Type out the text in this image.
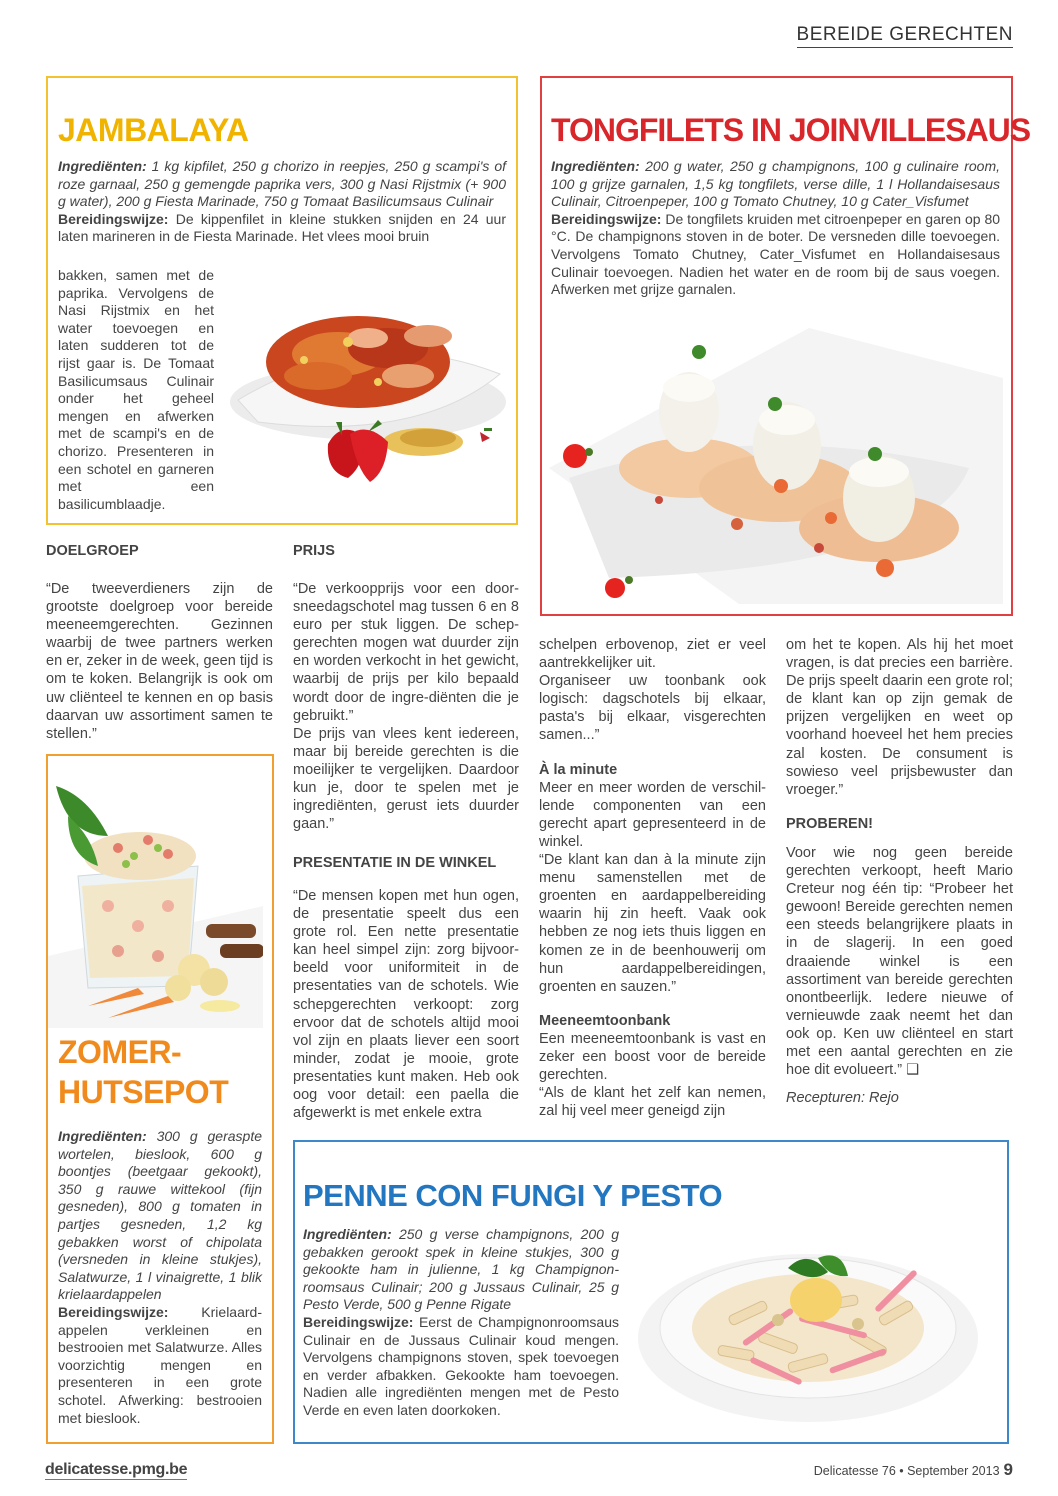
BEREIDE GERECHTEN
JAMBALAYA
Ingrediënten: 1 kg kipfilet, 250 g chorizo in reepjes, 250 g scampi's of roze garnaal, 250 g gemengde paprika vers, 300 g Nasi Rijstmix (+ 900 g water), 200 g Fiesta Marinade, 750 g Tomaat Basilicumsaus Culinair
Bereidingswijze: De kippenfilet in kleine stukken snijden en 24 uur laten marineren in de Fiesta Marinade. Het vlees mooi bruin
bakken, samen met de paprika. Vervolgens de Nasi Rijstmix en het water toevoegen en laten sudderen tot de rijst gaar is. De Tomaat Basilicumsaus Culinair onder het geheel mengen en afwerken met de scampi's en de chorizo. Presenteren in een schotel en garneren met een basilicumblaadje.
TONGFILETS IN JOINVILLESAUS
Ingrediënten: 200 g water, 250 g champignons, 100 g culinaire room, 100 g grijze garnalen, 1,5 kg tongfilets, verse dille, 1 l Hollandaisesaus Culinair, Citroenpeper, 100 g Tomato Chutney, 10 g Cater_Visfumet
Bereidingswijze: De tongfilets kruiden met citroenpeper en garen op 80 °C. De champignons stoven in de boter. De versneden dille toevoegen. Vervolgens Tomato Chutney, Cater_Visfumet en Hollandaisesaus Culinair toevoegen. Nadien het water en de room bij de saus voegen. Afwerken met grijze garnalen.
DOELGROEP
“De tweeverdieners zijn de grootste doelgroep voor bereide meeneemgerechten. Gezinnen waarbij de twee partners werken en er, zeker in de week, geen tijd is om te koken. Belangrijk is ook om uw cliënteel te kennen en op basis daarvan uw assortiment samen te stellen.”
PRIJS
“De verkoopprijs voor een door-sneedagschotel mag tussen 6 en 8 euro per stuk liggen. De schep-gerechten mogen wat duurder zijn en worden verkocht in het gewicht, waarbij de prijs per kilo bepaald wordt door de ingre-diënten die je gebruikt.”
De prijs van vlees kent iedereen, maar bij bereide gerechten is die moeilijker te vergelijken. Daardoor kun je, door te spelen met je ingrediënten, gerust iets duurder gaan.”
PRESENTATIE IN DE WINKEL
“De mensen kopen met hun ogen, de presentatie speelt dus een grote rol. Een nette presentatie kan heel simpel zijn: zorg bijvoor-beeld voor uniformiteit in de presentaties van de schotels. Wie schepgerechten verkoopt: zorg ervoor dat de schotels altijd mooi vol zijn en plaats liever een soort minder, zodat je mooie, grote presentaties kunt maken. Heb ook oog voor detail: een paella die afgewerkt is met enkele extra
schelpen erbovenop, ziet er veel aantrekkelijker uit.
Organiseer uw toonbank ook logisch: dagschotels bij elkaar, pasta's bij elkaar, visgerechten samen...”
À la minute
Meer en meer worden de verschil-lende componenten van een gerecht apart gepresenteerd in de winkel.
“De klant kan dan à la minute zijn menu samenstellen met de groenten en aardappelbereiding waarin hij zin heeft. Vaak ook hebben ze nog iets thuis liggen en komen ze in de beenhouwerij om hun aardappelbereidingen, groenten en sauzen.”
Meeneemtoonbank
Een meeneemtoonbank is vast en zeker een boost voor de bereide gerechten.
“Als de klant het zelf kan nemen, zal hij veel meer geneigd zijn
om het te kopen. Als hij het moet vragen, is dat precies een barrière. De prijs speelt daarin een grote rol; de klant kan op zijn gemak de prijzen vergelijken en weet op voorhand hoeveel het hem precies zal kosten. De consument is sowieso veel prijsbewuster dan vroeger.”
PROBEREN!
Voor wie nog geen bereide gerechten verkoopt, heeft Mario Creteur nog één tip: “Probeer het gewoon! Bereide gerechten nemen een steeds belangrijkere plaats in in de slagerij. In een goed draaiende winkel is een assortiment van bereide gerechten onontbeerlijk. Iedere nieuwe of vernieuwde zaak neemt het dan ook op. Ken uw cliënteel en start met een aantal gerechten en zie hoe dit evolueert.” ❑
Recepturen: Rejo
ZOMER-
HUTSEPOT
Ingrediënten: 300 g geraspte wortelen, bieslook, 600 g boontjes (beetgaar gekookt), 350 g rauwe wittekool (fijn gesneden), 800 g tomaten in partjes gesneden, 1,2 kg gebakken worst of chipolata (versneden in kleine stukjes), Salatwurze, 1 l vinaigrette, 1 blik krielaardappelen
Bereidingswijze: Krielaard-appelen verkleinen en bestrooien met Salatwurze. Alles voorzichtig mengen en presenteren in een grote schotel. Afwerking: bestrooien met bieslook.
PENNE CON FUNGI Y PESTO
Ingrediënten: 250 g verse champignons, 200 g gebakken gerookt spek in kleine stukjes, 300 g gekookte ham in julienne, 1 kg Champignon-roomsaus Culinair; 200 g Jussaus Culinair, 25 g Pesto Verde, 500 g Penne Rigate
Bereidingswijze: Eerst de Champignonroomsaus Culinair en de Jussaus Culinair koud mengen. Vervolgens champignons stoven, spek toevoegen en verder afbakken. Gekookte ham toevoegen. Nadien alle ingrediënten mengen met de Pesto Verde en even laten doorkoken.
delicatesse.pmg.be	Delicatesse 76 • September 2013 9
